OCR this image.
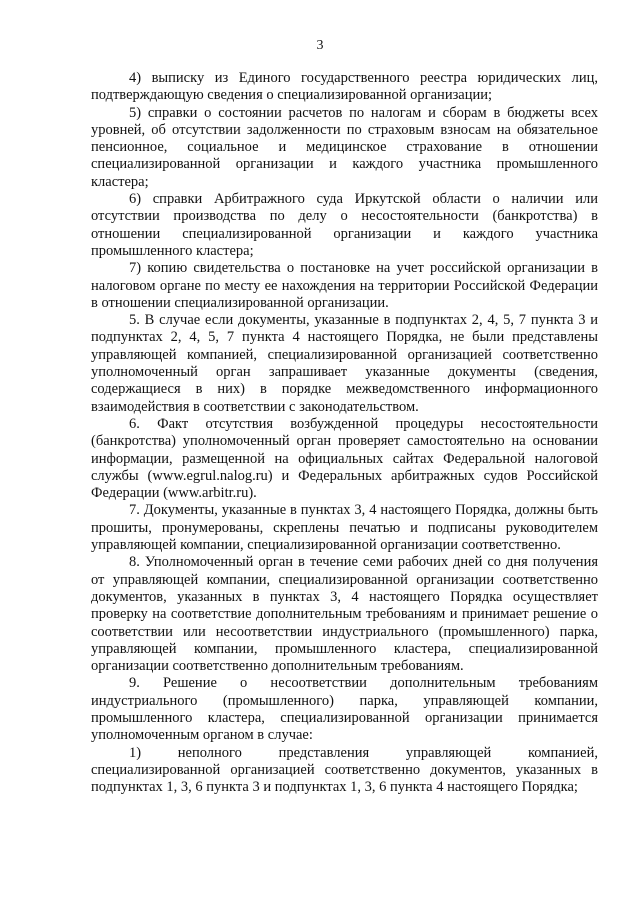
3

4) выписку из Единого государственного реестра юридических лиц, подтверждающую сведения о специализированной организации;

5) справки о состоянии расчетов по налогам и сборам в бюджеты всех уровней, об отсутствии задолженности по страховым взносам на обязательное пенсионное, социальное и медицинское страхование в отношении специализированной организации и каждого участника промышленного кластера;

6) справки Арбитражного суда Иркутской области о наличии или отсутствии производства по делу о несостоятельности (банкротства) в отношении специализированной организации и каждого участника промышленного кластера;

7) копию свидетельства о постановке на учет российской организации в налоговом органе по месту ее нахождения на территории Российской Федерации в отношении специализированной организации.

5. В случае если документы, указанные в подпунктах 2, 4, 5, 7 пункта 3 и подпунктах 2, 4, 5, 7 пункта 4 настоящего Порядка, не были представлены управляющей компанией, специализированной организацией соответственно уполномоченный орган запрашивает указанные документы (сведения, содержащиеся в них) в порядке межведомственного информационного взаимодействия в соответствии с законодательством.

6. Факт отсутствия возбужденной процедуры несостоятельности (банкротства) уполномоченный орган проверяет самостоятельно на основании информации, размещенной на официальных сайтах Федеральной налоговой службы (www.egrul.nalog.ru) и Федеральных арбитражных судов Российской Федерации (www.arbitr.ru).

7. Документы, указанные в пунктах 3, 4 настоящего Порядка, должны быть прошиты, пронумерованы, скреплены печатью и подписаны руководителем управляющей компании, специализированной организации соответственно.

8. Уполномоченный орган в течение семи рабочих дней со дня получения от управляющей компании, специализированной организации соответственно документов, указанных в пунктах 3, 4 настоящего Порядка осуществляет проверку на соответствие дополнительным требованиям и принимает решение о соответствии или несоответствии индустриального (промышленного) парка, управляющей компании, промышленного кластера, специализированной организации соответственно дополнительным требованиям.

9. Решение о несоответствии дополнительным требованиям индустриального (промышленного) парка, управляющей компании, промышленного кластера, специализированной организации принимается уполномоченным органом в случае:

1) неполного представления управляющей компанией, специализированной организацией соответственно документов, указанных в подпунктах 1, 3, 6 пункта 3 и подпунктах 1, 3, 6 пункта 4 настоящего Порядка;
